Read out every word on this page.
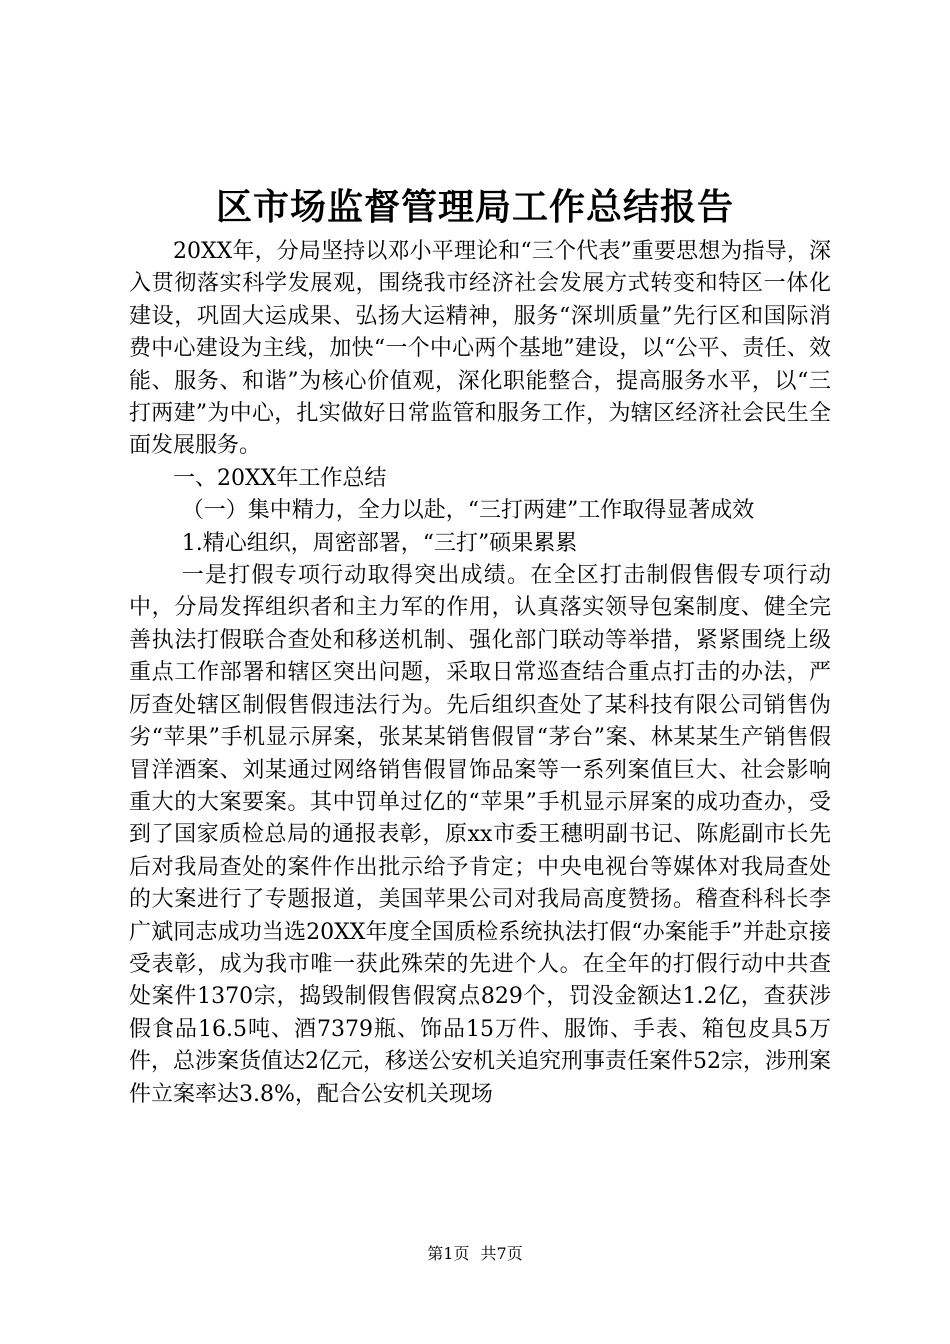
区市场监督管理局工作总结报告

20XX年，分局坚持以邓小平理论和“三个代表”重要思想为指导，深入贯彻落实科学发展观，围绕我市经济社会发展方式转变和特区一体化建设，巩固大运成果、弘扬大运精神，服务“深圳质量”先行区和国际消费中心建设为主线，加快“一个中心两个基地”建设，以“公平、责任、效能、服务、和谐”为核心价值观，深化职能整合，提高服务水平，以“三打两建”为中心，扎实做好日常监管和服务工作，为辖区经济社会民生全面发展服务。

一、20XX年工作总结

（一）集中精力，全力以赴，“三打两建”工作取得显著成效

1.精心组织，周密部署，“三打”硕果累累

一是打假专项行动取得突出成绩。在全区打击制假售假专项行动中，分局发挥组织者和主力军的作用，认真落实领导包案制度、健全完善执法打假联合查处和移送机制、强化部门联动等举措，紧紧围绕上级重点工作部署和辖区突出问题，采取日常巡查结合重点打击的办法，严厉查处辖区制假售假违法行为。先后组织查处了某科技有限公司销售伪劣“苹果”手机显示屏案，张某某销售假冒“茅台”案、林某某生产销售假冒洋酒案、刘某通过网络销售假冒饰品案等一系列案值巨大、社会影响重大的大案要案。其中罚单过亿的“苹果”手机显示屏案的成功查办，受到了国家质检总局的通报表彰，原xx市委王穗明副书记、陈彪副市长先后对我局查处的案件作出批示给予肯定；中央电视台等媒体对我局查处的大案进行了专题报道，美国苹果公司对我局高度赞扬。稽查科科长李广斌同志成功当选20XX年度全国质检系统执法打假“办案能手”并赴京接受表彰，成为我市唯一获此殊荣的先进个人。在全年的打假行动中共查处案件1370宗，捣毁制假售假窝点829个，罚没金额达1.2亿，查获涉假食品16.5吨、酒7379瓶、饰品15万件、服饰、手表、箱包皮具5万件，总涉案货值达2亿元，移送公安机关追究刑事责任案件52宗，涉刑案件立案率达3.8%，配合公安机关现场

第1页 共7页
